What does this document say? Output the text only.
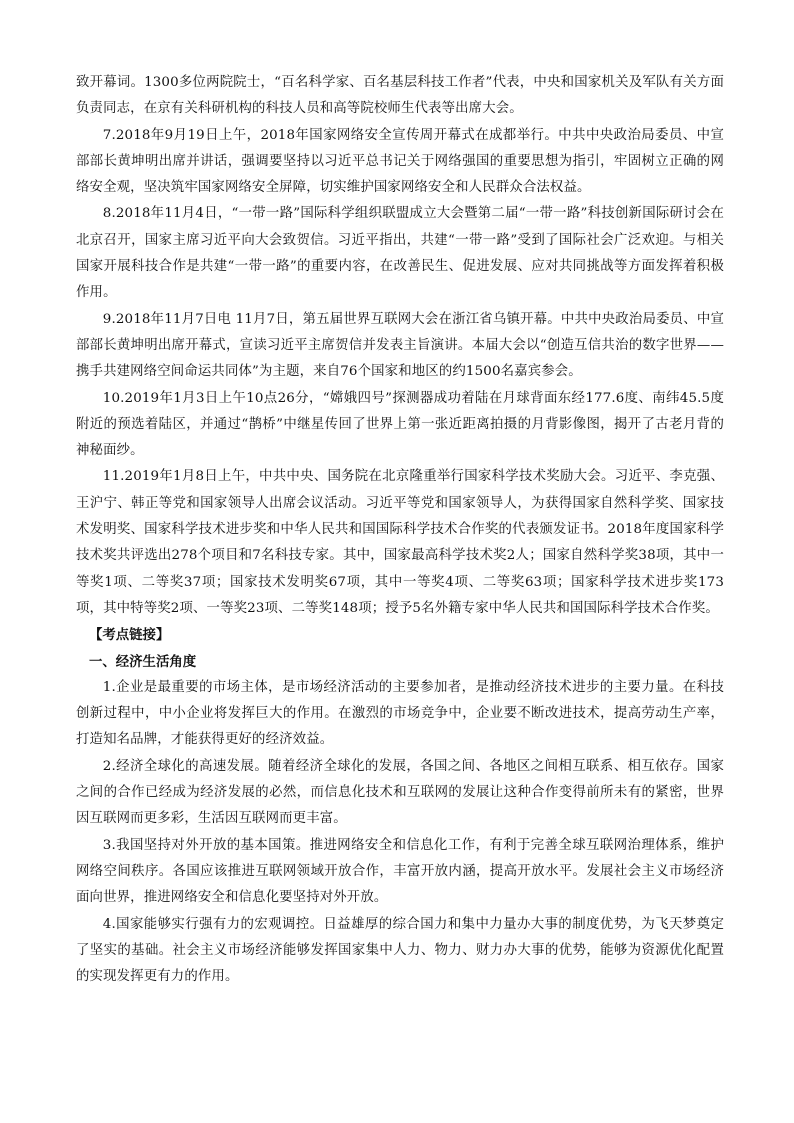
致开幕词。1300多位两院院士，“百名科学家、百名基层科技工作者”代表，中央和国家机关及军队有关方面负责同志，在京有关科研机构的科技人员和高等院校师生代表等出席大会。

7.2018年9月19日上午，2018年国家网络安全宣传周开幕式在成都举行。中共中央政治局委员、中宣部部长黄坤明出席并讲话，强调要坚持以习近平总书记关于网络强国的重要思想为指引，牢固树立正确的网络安全观，坚决筑牢国家网络安全屏障，切实维护国家网络安全和人民群众合法权益。

8.2018年11月4日，“一带一路”国际科学组织联盟成立大会暨第二届“一带一路”科技创新国际研讨会在北京召开，国家主席习近平向大会致贺信。习近平指出，共建“一带一路”受到了国际社会广泛欢迎。与相关国家开展科技合作是共建“一带一路”的重要内容，在改善民生、促进发展、应对共同挑战等方面发挥着积极作用。

9.2018年11月7日电 11月7日，第五届世界互联网大会在浙江省乌镇开幕。中共中央政治局委员、中宣部部长黄坤明出席开幕式，宣读习近平主席贺信并发表主旨演讲。本届大会以“创造互信共治的数字世界——携手共建网络空间命运共同体”为主题，来自76个国家和地区的约1500名嘉宾参会。

10.2019年1月3日上午10点26分，“嫦娥四号”探测器成功着陆在月球背面东经177.6度、南纬45.5度附近的预选着陆区，并通过“鹊桥”中继星传回了世界上第一张近距离拍摄的月背影像图，揭开了古老月背的神秘面纱。

11.2019年1月8日上午，中共中央、国务院在北京隆重举行国家科学技术奖励大会。习近平、李克强、王沪宁、韩正等党和国家领导人出席会议活动。习近平等党和国家领导人，为获得国家自然科学奖、国家技术发明奖、国家科学技术进步奖和中华人民共和国国际科学技术合作奖的代表颁发证书。2018年度国家科学技术奖共评选出278个项目和7名科技专家。其中，国家最高科学技术奖2人；国家自然科学奖38项，其中一等奖1项、二等奖37项；国家技术发明奖67项，其中一等奖4项、二等奖63项；国家科学技术进步奖173项，其中特等奖2项、一等奖23项、二等奖148项；授予5名外籍专家中华人民共和国国际科学技术合作奖。

【考点链接】

一、经济生活角度

1.企业是最重要的市场主体，是市场经济活动的主要参加者，是推动经济技术进步的主要力量。在科技创新过程中，中小企业将发挥巨大的作用。在激烈的市场竞争中，企业要不断改进技术，提高劳动生产率，打造知名品牌，才能获得更好的经济效益。

2.经济全球化的高速发展。随着经济全球化的发展，各国之间、各地区之间相互联系、相互依存。国家之间的合作已经成为经济发展的必然，而信息化技术和互联网的发展让这种合作变得前所未有的紧密，世界因互联网而更多彩，生活因互联网而更丰富。

3.我国坚持对外开放的基本国策。推进网络安全和信息化工作，有利于完善全球互联网治理体系，维护网络空间秩序。各国应该推进互联网领域开放合作，丰富开放内涵，提高开放水平。发展社会主义市场经济面向世界，推进网络安全和信息化要坚持对外开放。

4.国家能够实行强有力的宏观调控。日益雄厚的综合国力和集中力量办大事的制度优势，为飞天梦奠定了坚实的基础。社会主义市场经济能够发挥国家集中人力、物力、财力办大事的优势，能够为资源优化配置的实现发挥更有力的作用。
